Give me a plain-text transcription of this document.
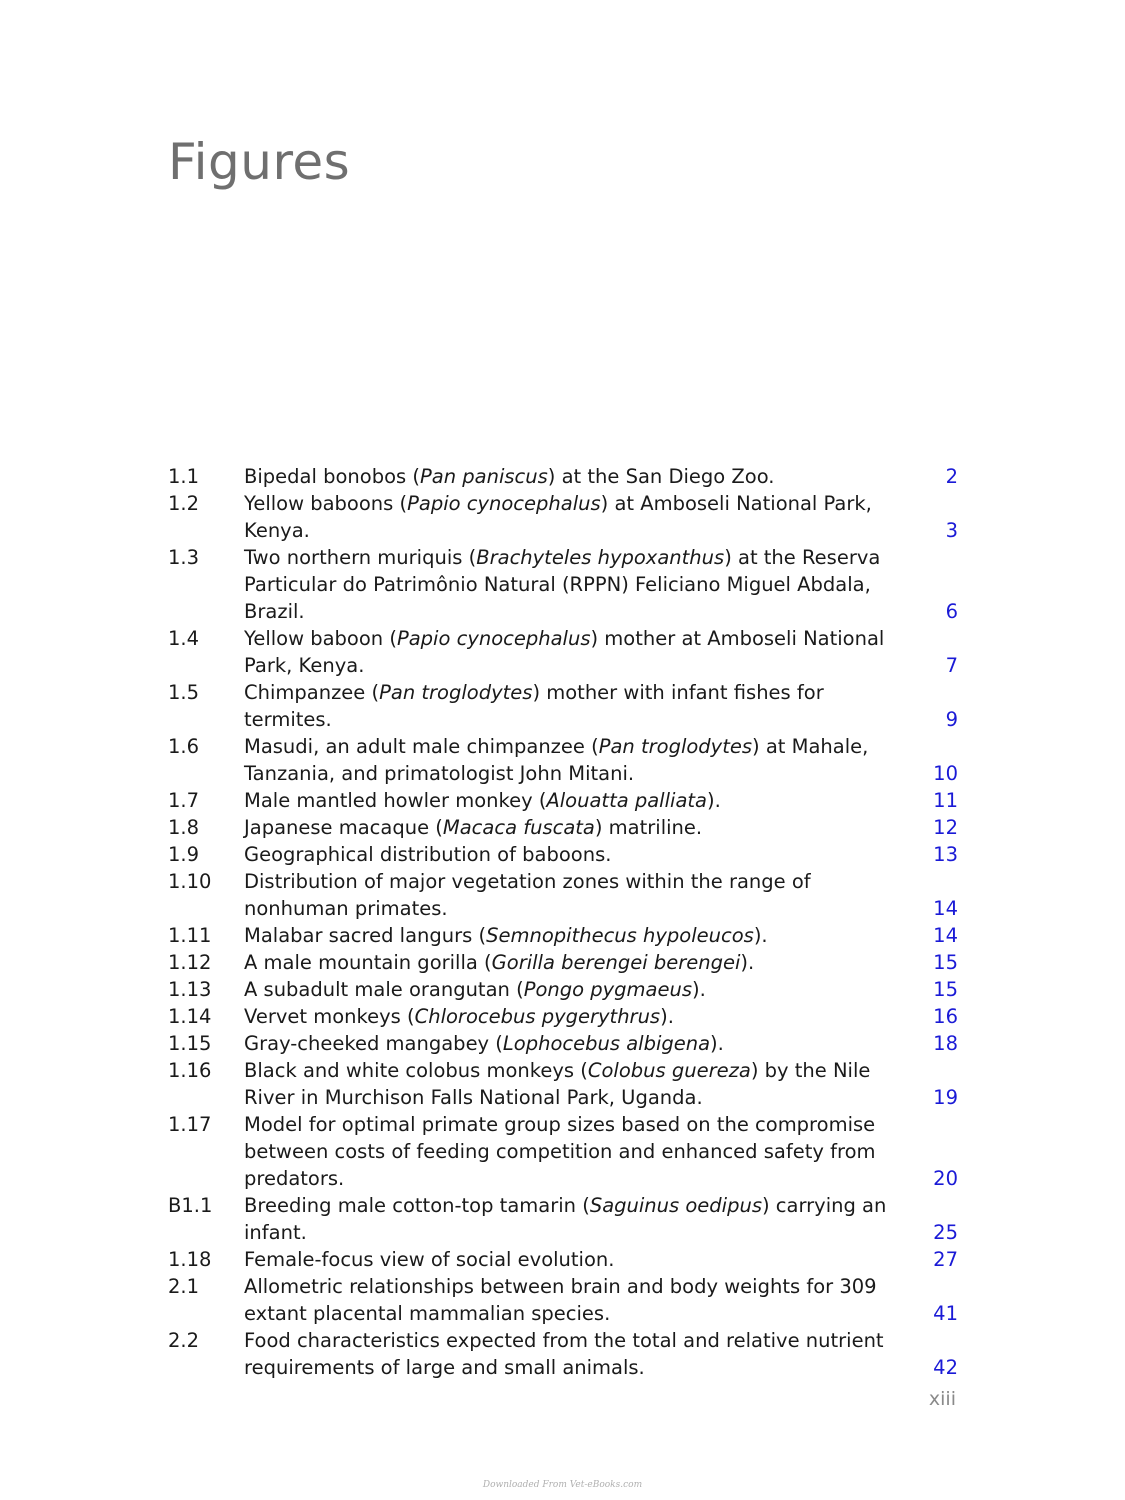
Figures
1.1	Bipedal bonobos (Pan paniscus) at the San Diego Zoo.	2
1.2	Yellow baboons (Papio cynocephalus) at Amboseli National Park, Kenya.	3
1.3	Two northern muriquis (Brachyteles hypoxanthus) at the Reserva Particular do Patrimônio Natural (RPPN) Feliciano Miguel Abdala, Brazil.	6
1.4	Yellow baboon (Papio cynocephalus) mother at Amboseli National Park, Kenya.	7
1.5	Chimpanzee (Pan troglodytes) mother with infant fishes for termites.	9
1.6	Masudi, an adult male chimpanzee (Pan troglodytes) at Mahale, Tanzania, and primatologist John Mitani.	10
1.7	Male mantled howler monkey (Alouatta palliata).	11
1.8	Japanese macaque (Macaca fuscata) matriline.	12
1.9	Geographical distribution of baboons.	13
1.10	Distribution of major vegetation zones within the range of nonhuman primates.	14
1.11	Malabar sacred langurs (Semnopithecus hypoleucos).	14
1.12	A male mountain gorilla (Gorilla berengei berengei).	15
1.13	A subadult male orangutan (Pongo pygmaeus).	15
1.14	Vervet monkeys (Chlorocebus pygerythrus).	16
1.15	Gray-cheeked mangabey (Lophocebus albigena).	18
1.16	Black and white colobus monkeys (Colobus guereza) by the Nile River in Murchison Falls National Park, Uganda.	19
1.17	Model for optimal primate group sizes based on the compromise between costs of feeding competition and enhanced safety from predators.	20
B1.1	Breeding male cotton-top tamarin (Saguinus oedipus) carrying an infant.	25
1.18	Female-focus view of social evolution.	27
2.1	Allometric relationships between brain and body weights for 309 extant placental mammalian species.	41
2.2	Food characteristics expected from the total and relative nutrient requirements of large and small animals.	42
xiii
Downloaded From Vet-eBooks.com
